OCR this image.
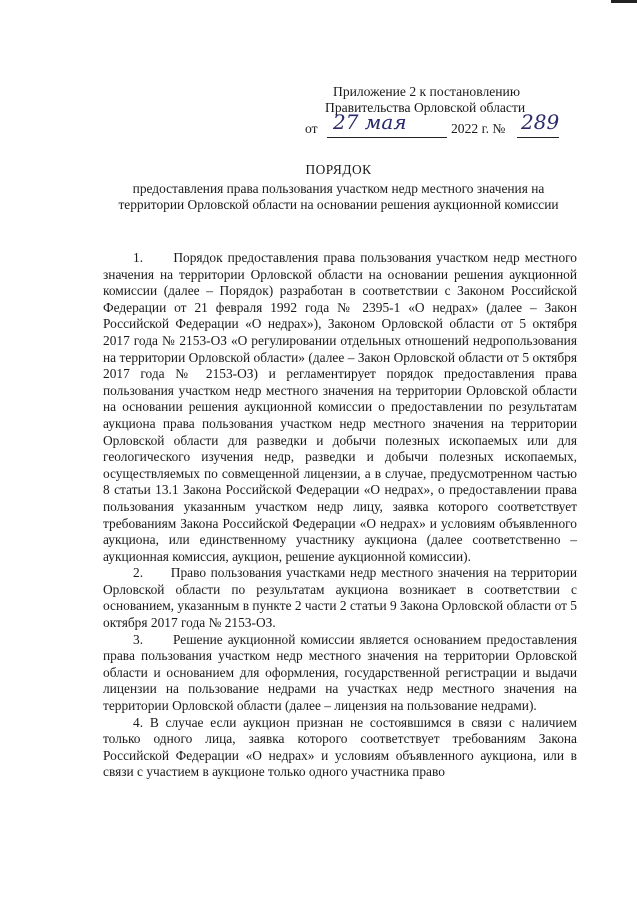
Приложение 2 к постановлению
Правительства Орловской области
от 27 мая	2022 г. № 289
ПОРЯДОК
предоставления права пользования участком недр местного значения на территории Орловской области на основании решения аукционной комиссии

1.      Порядок предоставления права пользования участком недр местного значения на территории Орловской области на основании решения аукционной комиссии (далее – Порядок) разработан в соответствии с Законом Российской Федерации от 21 февраля 1992 года № 2395-1 «О недрах» (далее – Закон Российской Федерации «О недрах»), Законом Орловской области от 5 октября 2017 года № 2153-ОЗ «О регулировании отдельных отношений недропользования на территории Орловской области» (далее – Закон Орловской области от 5 октября 2017 года № 2153-ОЗ) и регламентирует порядок предоставления права пользования участком недр местного значения на территории Орловской области на основании решения аукционной комиссии о предоставлении по результатам аукциона права пользования участком недр местного значения на территории Орловской области для разведки и добычи полезных ископаемых или для геологического изучения недр, разведки и добычи полезных ископаемых, осуществляемых по совмещенной лицензии, а в случае, предусмотренном частью 8 статьи 13.1 Закона Российской Федерации «О недрах», о предоставлении права пользования указанным участком недр лицу, заявка которого соответствует требованиям Закона Российской Федерации «О недрах» и условиям объявленного аукциона, или единственному участнику аукциона (далее соответственно – аукционная комиссия, аукцион, решение аукционной комиссии).

2.      Право пользования участками недр местного значения на территории Орловской области по результатам аукциона возникает в соответствии с основанием, указанным в пункте 2 части 2 статьи 9 Закона Орловской области от 5 октября 2017 года № 2153-ОЗ.

3.      Решение аукционной комиссии является основанием предоставления права пользования участком недр местного значения на территории Орловской области и основанием для оформления, государственной регистрации и выдачи лицензии на пользование недрами на участках недр местного значения на территории Орловской области (далее – лицензия на пользование недрами).

4. В случае если аукцион признан не состоявшимся в связи с наличием только одного лица, заявка которого соответствует требованиям Закона Российской Федерации «О недрах» и условиям объявленного аукциона, или в связи с участием в аукционе только одного участника право
